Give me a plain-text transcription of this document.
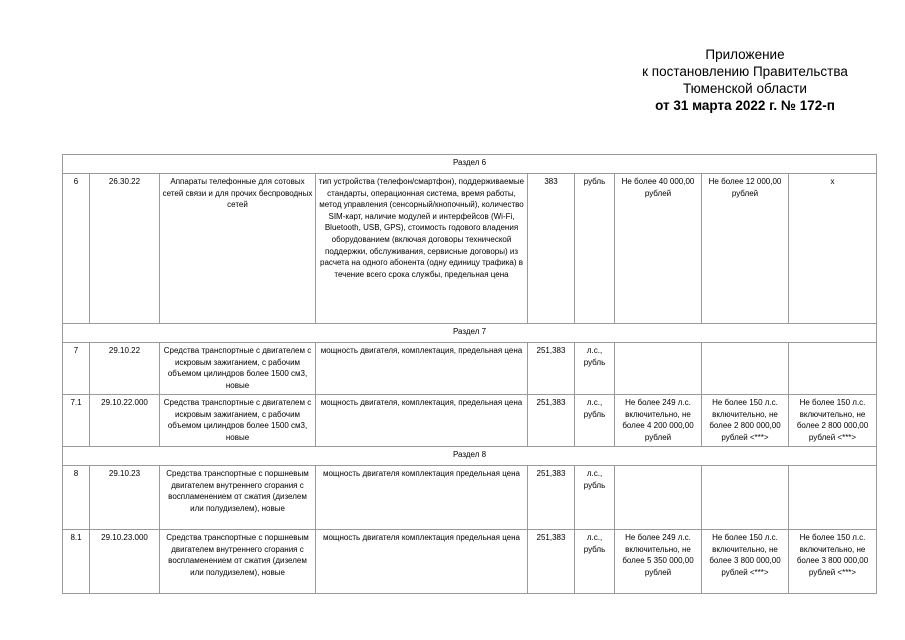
Приложение
к постановлению Правительства
Тюменской области
от 31 марта 2022 г. № 172-п
Раздел 6								
6	26.30.22	Аппараты телефонные для сотовых сетей связи и для прочих беспроводных сетей	тип устройства (телефон/смартфон), поддерживаемые стандарты, операционная система, время работы, метод управления (сенсорный/кнопочный), количество SIM-карт, наличие модулей и интерфейсов (Wi-Fi, Bluetooth, USB, GPS), стоимость годового владения оборудованием (включая договоры технической поддержки, обслуживания, сервисные договоры) из расчета на одного абонента (одну единицу трафика) в течение всего срока службы, предельная цена	383	рубль	Не более 40 000,00 рублей	Не более 12 000,00 рублей	x
Раздел 7								
7	29.10.22	Средства транспортные с двигателем с искровым зажиганием, с рабочим объемом цилиндров более 1500 см3, новые	мощность двигателя, комплектация, предельная цена	251,383	л.с., рубль			
7.1	29.10.22.000	Средства транспортные с двигателем с искровым зажиганием, с рабочим объемом цилиндров более 1500 см3, новые	мощность двигателя, комплектация, предельная цена	251,383	л.с., рубль	Не более 249 л.с. включительно, не более 4 200 000,00 рублей	Не более 150 л.с. включительно, не более 2 800 000,00 рублей <***>	Не более 150 л.с. включительно, не более 2 800 000,00 рублей <***>
Раздел 8								
8	29.10.23	Средства транспортные с поршневым двигателем внутреннего сгорания с воспламенением от сжатия (дизелем или полудизелем), новые	мощность двигателя комплектация предельная цена	251,383	л.с., рубль			
8.1	29.10.23.000	Средства транспортные с поршневым двигателем внутреннего сгорания с воспламенением от сжатия (дизелем или полудизелем), новые	мощность двигателя комплектация предельная цена	251,383	л.с., рубль	Не более 249 л.с. включительно, не более 5 350 000,00 рублей	Не более 150 л.с. включительно, не более 3 800 000,00 рублей <***>	Не более 150 л.с. включительно, не более 3 800 000,00 рублей <***>
